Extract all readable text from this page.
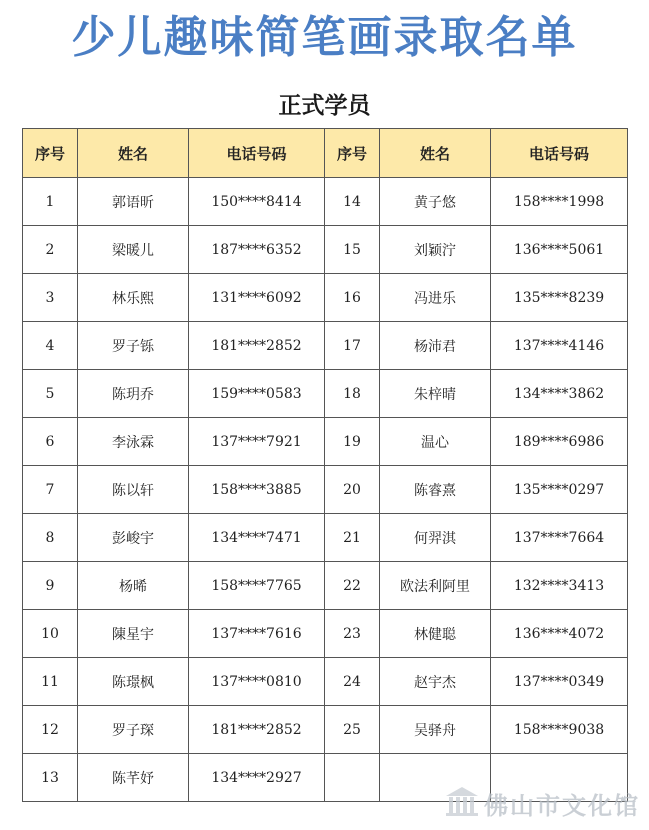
少儿趣味简笔画录取名单
正式学员
序号	姓名	电话号码	序号	姓名	电话号码
1	郭语昕	150****8414	14	黄子悠	158****1998
2	梁暖儿	187****6352	15	刘颖泞	136****5061
3	林乐熙	131****6092	16	冯进乐	135****8239
4	罗子铄	181****2852	17	杨沛君	137****4146
5	陈玥乔	159****0583	18	朱梓晴	134****3862
6	李泳霖	137****7921	19	温心	189****6986
7	陈以轩	158****3885	20	陈睿熹	135****0297
8	彭峻宇	134****7471	21	何羿淇	137****7664
9	杨晞	158****7765	22	欧法利阿里	132****3413
10	陳星宇	137****7616	23	林健聪	136****4072
11	陈璟枫	137****0810	24	赵宇杰	137****0349
12	罗子琛	181****2852	25	吴驿舟	158****9038
13	陈芊妤	134****2927			
佛山市文化馆
